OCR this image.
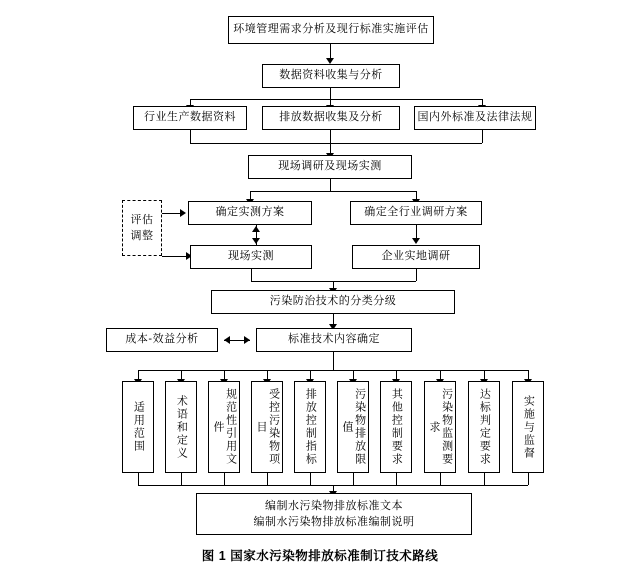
环境管理需求分析及现行标准实施评估
数据资料收集与分析
行业生产数据资料	排放数据收集及分析	国内外标准及法律法规
现场调研及现场实测
确定实测方案	确定全行业调研方案
评估
调整
现场实测	企业实地调研
污染防治技术的分类分级
成本-效益分析	标准技术内容确定
适用范围	术语和定义	规范性引用文件	受控污染物项目	排放控制指标	污染物排放限值	其他控制要求	污染物监测要求	达标判定要求	实施与监督
编制水污染物排放标准文本
编制水污染物排放标准编制说明
图 1 国家水污染物排放标准制订技术路线
